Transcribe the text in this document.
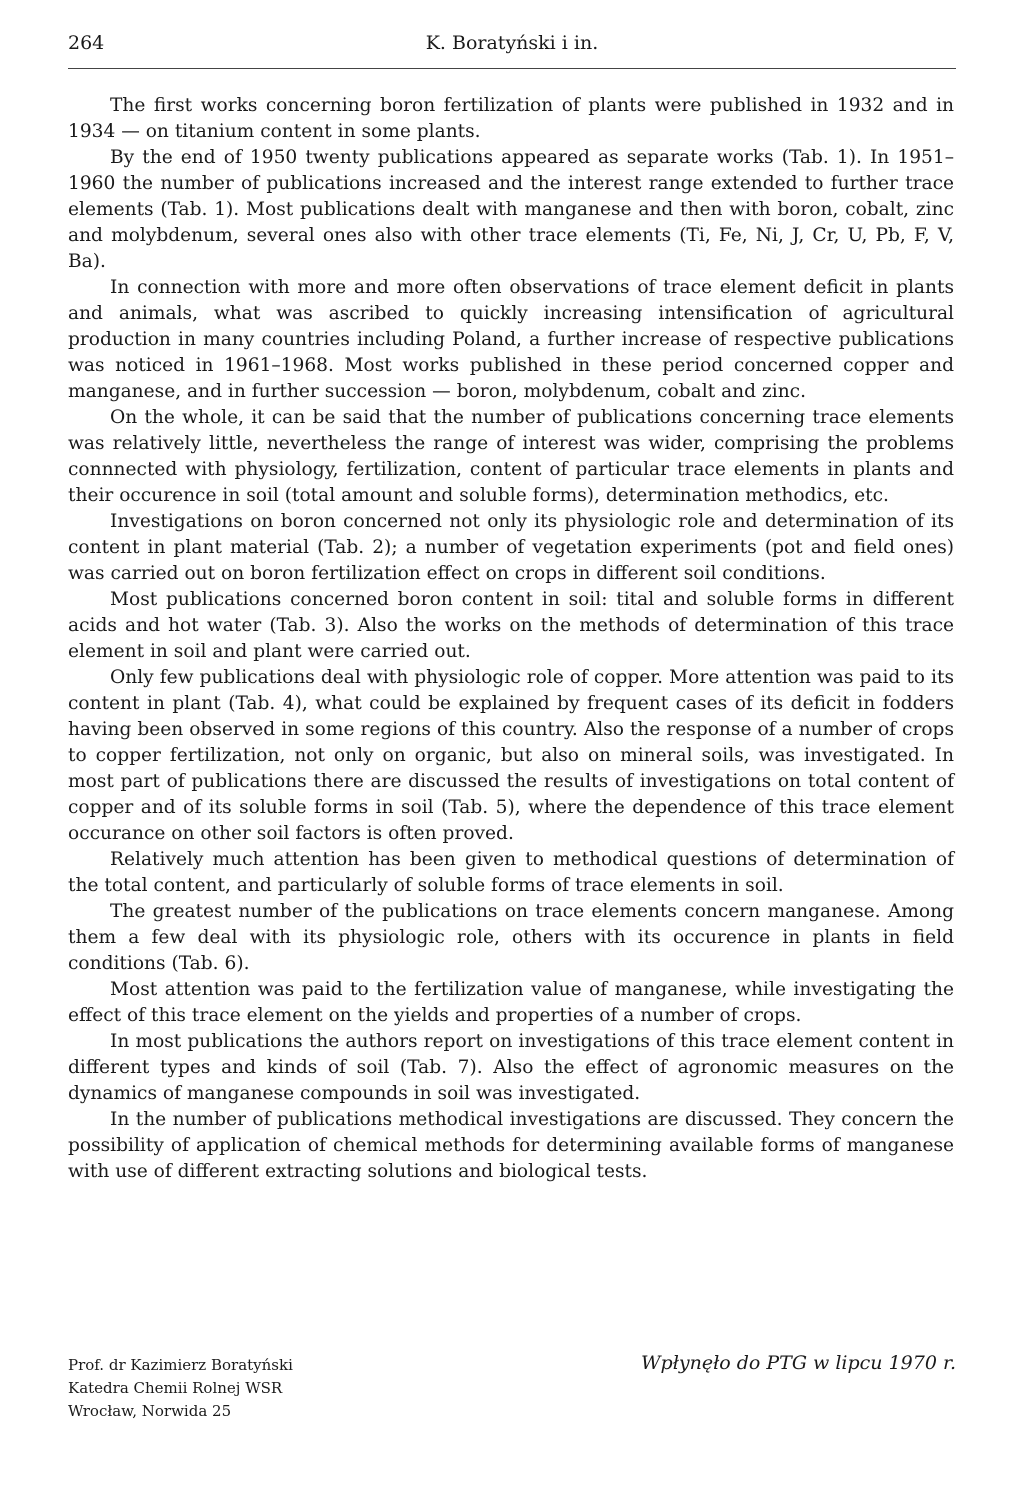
264	K. Boratyński i in.

The first works concerning boron fertilization of plants were published in 1932 and in 1934 — on titanium content in some plants.

By the end of 1950 twenty publications appeared as separate works (Tab. 1). In 1951–1960 the number of publications increased and the interest range extended to further trace elements (Tab. 1). Most publications dealt with manganese and then with boron, cobalt, zinc and molybdenum, several ones also with other trace elements (Ti, Fe, Ni, J, Cr, U, Pb, F, V, Ba).

In connection with more and more often observations of trace element deficit in plants and animals, what was ascribed to quickly increasing intensification of agricultural production in many countries including Poland, a further increase of respective publications was noticed in 1961–1968. Most works published in these period concerned copper and manganese, and in further succession — boron, molybdenum, cobalt and zinc.

On the whole, it can be said that the number of publications concerning trace elements was relatively little, nevertheless the range of interest was wider, comprising the problems connnected with physiology, fertilization, content of particular trace elements in plants and their occurence in soil (total amount and soluble forms), determination methodics, etc.

Investigations on boron concerned not only its physiologic role and determination of its content in plant material (Tab. 2); a number of vegetation experiments (pot and field ones) was carried out on boron fertilization effect on crops in different soil conditions.

Most publications concerned boron content in soil: tital and soluble forms in different acids and hot water (Tab. 3). Also the works on the methods of determination of this trace element in soil and plant were carried out.

Only few publications deal with physiologic role of copper. More attention was paid to its content in plant (Tab. 4), what could be explained by frequent cases of its deficit in fodders having been observed in some regions of this country. Also the response of a number of crops to copper fertilization, not only on organic, but also on mineral soils, was investigated. In most part of publications there are discussed the results of investigations on total content of copper and of its soluble forms in soil (Tab. 5), where the dependence of this trace element occurance on other soil factors is often proved.

Relatively much attention has been given to methodical questions of determination of the total content, and particularly of soluble forms of trace elements in soil.

The greatest number of the publications on trace elements concern manganese. Among them a few deal with its physiologic role, others with its occurence in plants in field conditions (Tab. 6).

Most attention was paid to the fertilization value of manganese, while investigating the effect of this trace element on the yields and properties of a number of crops.

In most publications the authors report on investigations of this trace element content in different types and kinds of soil (Tab. 7). Also the effect of agronomic measures on the dynamics of manganese compounds in soil was investigated.

In the number of publications methodical investigations are discussed. They concern the possibility of application of chemical methods for determining available forms of manganese with use of different extracting solutions and biological tests.

Prof. dr Kazimierz Boratyński
Katedra Chemii Rolnej WSR
Wrocław, Norwida 25
Wpłynęło do PTG w lipcu 1970 r.
